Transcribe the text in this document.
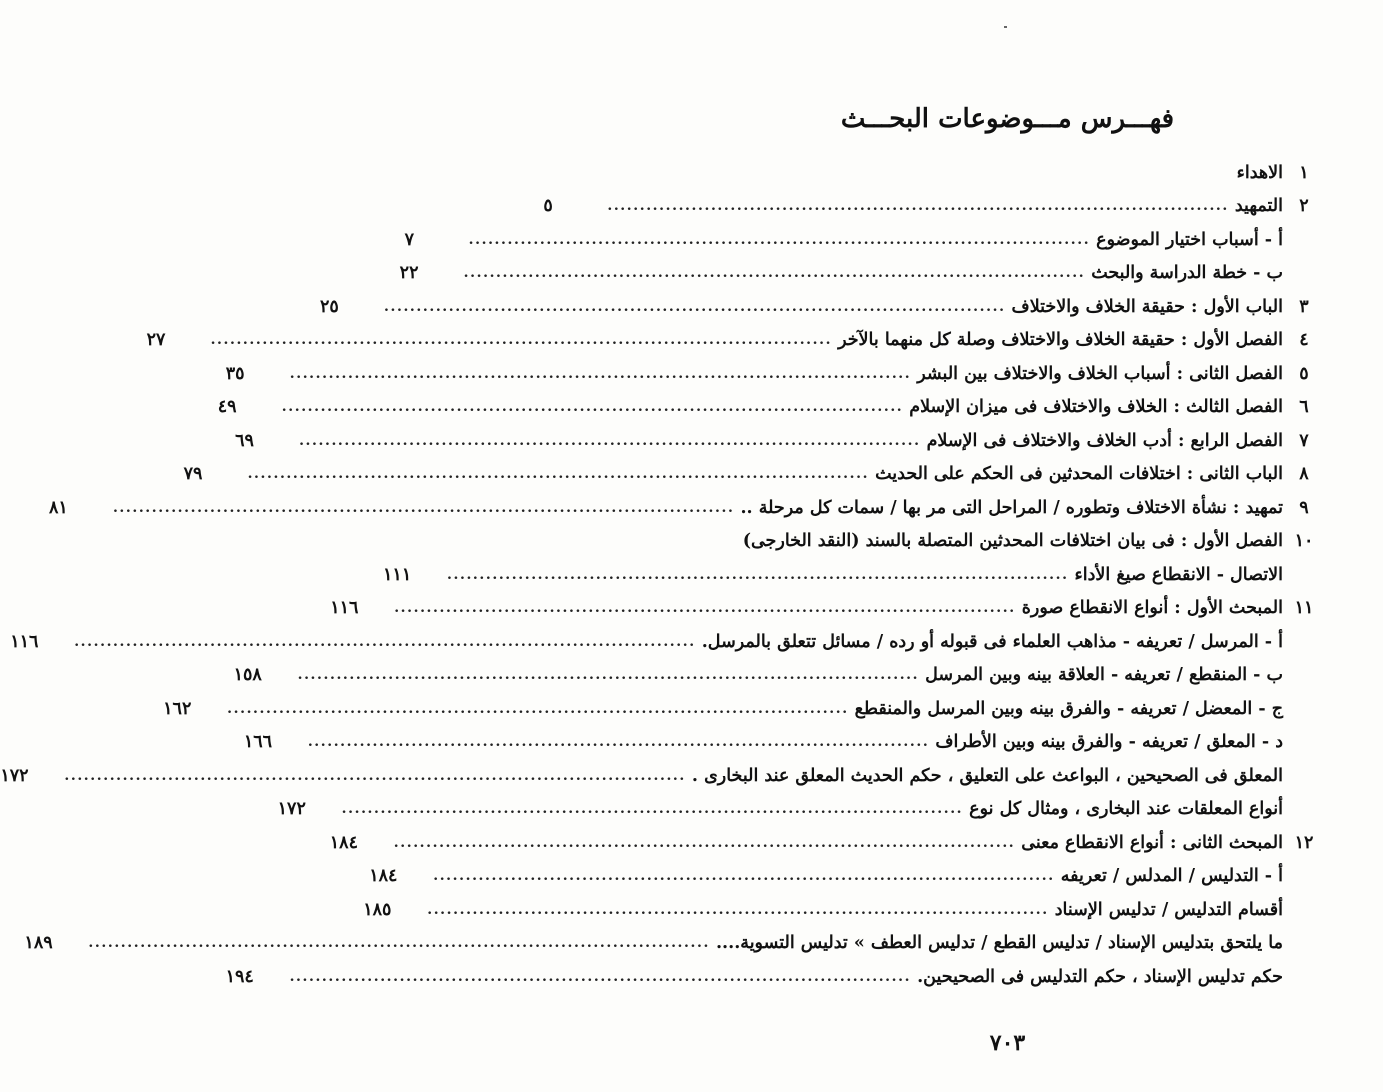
فهـــرس مـــوضوعات البحـــث
١
الاهداء
٢
التمهيد
................................................................................................
٥
أ - أسباب اختيار الموضوع
................................................................................................
٧
ب - خطة الدراسة والبحث
................................................................................................
٢٢
٣
الباب الأول : حقيقة الخلاف والاختلاف
................................................................................................
٢٥
٤
الفصل الأول : حقيقة الخلاف والاختلاف وصلة كل منهما بالآخر
................................................................................................
٢٧
٥
الفصل الثانى : أسباب الخلاف والاختلاف بين البشر
................................................................................................
٣٥
٦
الفصل الثالث : الخلاف والاختلاف فى ميزان الإسلام
................................................................................................
٤٩
٧
الفصل الرابع : أدب الخلاف والاختلاف فى الإسلام
................................................................................................
٦٩
٨
الباب الثانى : اختلافات المحدثين فى الحكم على الحديث
................................................................................................
٧٩
٩
تمهيد : نشأة الاختلاف وتطوره / المراحل التى مر بها / سمات كل مرحلة ..
................................................................................................
٨١
١٠
الفصل الأول : فى بيان اختلافات المحدثين المتصلة بالسند (النقد الخارجى)
الاتصال - الانقطاع صيغ الأداء
................................................................................................
١١١
١١
المبحث الأول : أنواع الانقطاع صورة
................................................................................................
١١٦
أ - المرسل / تعريفه - مذاهب العلماء فى قبوله أو رده / مسائل تتعلق بالمرسل.
................................................................................................
١١٦
ب - المنقطع / تعريفه - العلاقة بينه وبين المرسل
................................................................................................
١٥٨
ج - المعضل / تعريفه - والفرق بينه وبين المرسل والمنقطع
................................................................................................
١٦٢
د - المعلق / تعريفه - والفرق بينه وبين الأطراف
................................................................................................
١٦٦
المعلق فى الصحيحين ، البواعث على التعليق ، حكم الحديث المعلق عند البخارى .
................................................................................................
١٧٢
أنواع المعلقات عند البخارى ، ومثال كل نوع
................................................................................................
١٧٢
١٢
المبحث الثانى : أنواع الانقطاع معنى
................................................................................................
١٨٤
أ - التدليس / المدلس / تعريفه
................................................................................................
١٨٤
أقسام التدليس / تدليس الإسناد
................................................................................................
١٨٥
ما يلتحق بتدليس الإسناد / تدليس القطع / تدليس العطف » تدليس التسوية....
................................................................................................
١٨٩
حكم تدليس الإسناد ، حكم التدليس فى الصحيحين.
................................................................................................
١٩٤
٧٠٣
